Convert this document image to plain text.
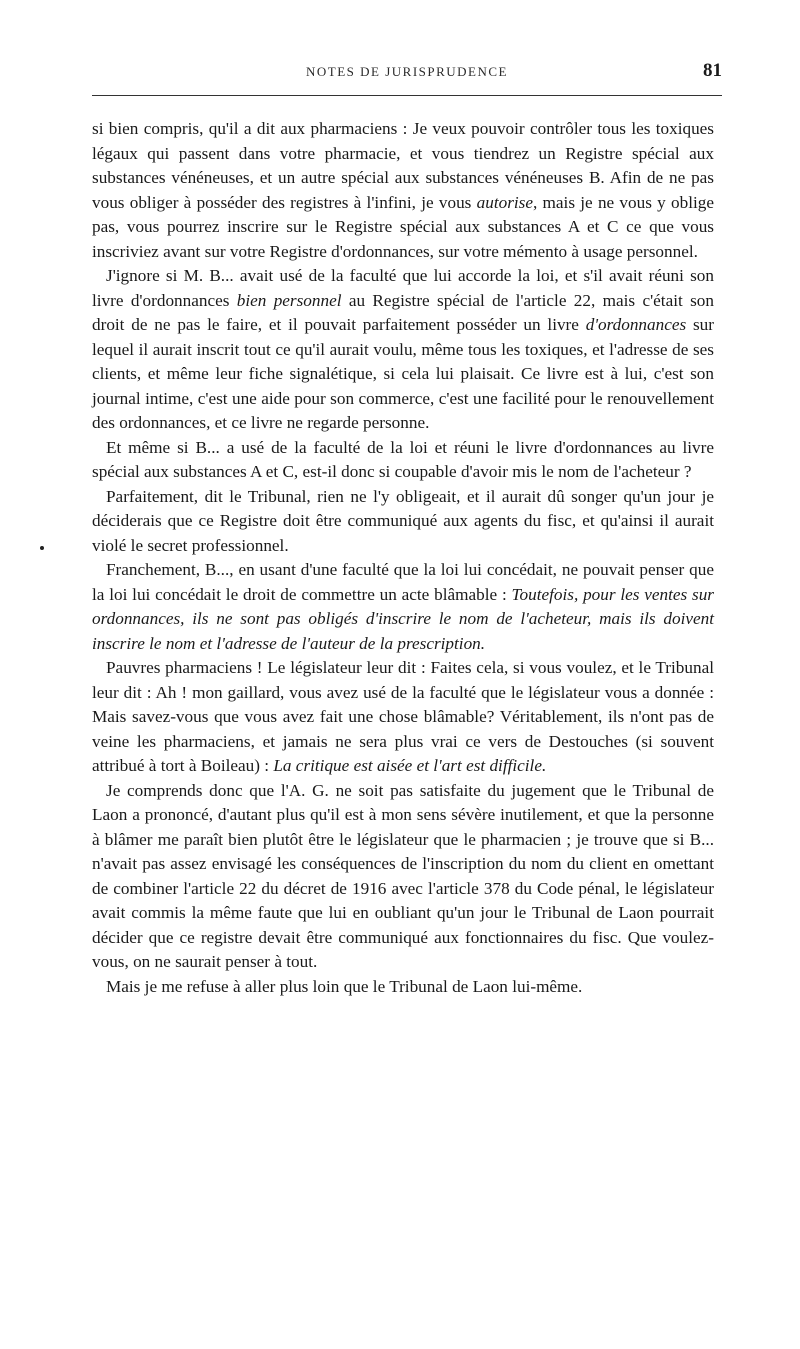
NOTES DE JURISPRUDENCE	81

si bien compris, qu'il a dit aux pharmaciens : Je veux pouvoir contrôler tous les toxiques légaux qui passent dans votre pharmacie, et vous tiendrez un Registre spécial aux substances vénéneuses, et un autre spécial aux substances vénéneuses B. Afin de ne pas vous obliger à posséder des registres à l'infini, je vous autorise, mais je ne vous y oblige pas, vous pourrez inscrire sur le Registre spécial aux substances A et C ce que vous inscriviez avant sur votre Registre d'ordonnances, sur votre mémento à usage personnel.

J'ignore si M. B... avait usé de la faculté que lui accorde la loi, et s'il avait réuni son livre d'ordonnances bien personnel au Registre spécial de l'article 22, mais c'était son droit de ne pas le faire, et il pouvait parfaitement posséder un livre d'ordonnances sur lequel il aurait inscrit tout ce qu'il aurait voulu, même tous les toxiques, et l'adresse de ses clients, et même leur fiche signalétique, si cela lui plaisait. Ce livre est à lui, c'est son journal intime, c'est une aide pour son commerce, c'est une facilité pour le renouvellement des ordonnances, et ce livre ne regarde personne.

Et même si B... a usé de la faculté de la loi et réuni le livre d'ordonnances au livre spécial aux substances A et C, est-il donc si coupable d'avoir mis le nom de l'acheteur ?

Parfaitement, dit le Tribunal, rien ne l'y obligeait, et il aurait dû songer qu'un jour je déciderais que ce Registre doit être communiqué aux agents du fisc, et qu'ainsi il aurait violé le secret professionnel.

Franchement, B..., en usant d'une faculté que la loi lui concédait, ne pouvait penser que la loi lui concédait le droit de commettre un acte blâmable : Toutefois, pour les ventes sur ordonnances, ils ne sont pas obligés d'inscrire le nom de l'acheteur, mais ils doivent inscrire le nom et l'adresse de l'auteur de la prescription.

Pauvres pharmaciens ! Le législateur leur dit : Faites cela, si vous voulez, et le Tribunal leur dit : Ah ! mon gaillard, vous avez usé de la faculté que le législateur vous a donnée : Mais savez-vous que vous avez fait une chose blâmable? Véritablement, ils n'ont pas de veine les pharmaciens, et jamais ne sera plus vrai ce vers de Destouches (si souvent attribué à tort à Boileau) : La critique est aisée et l'art est difficile.

Je comprends donc que l'A. G. ne soit pas satisfaite du jugement que le Tribunal de Laon a prononcé, d'autant plus qu'il est à mon sens sévère inutilement, et que la personne à blâmer me paraît bien plutôt être le législateur que le pharmacien ; je trouve que si B... n'avait pas assez envisagé les conséquences de l'inscription du nom du client en omettant de combiner l'article 22 du décret de 1916 avec l'article 378 du Code pénal, le législateur avait commis la même faute que lui en oubliant qu'un jour le Tribunal de Laon pourrait décider que ce registre devait être communiqué aux fonctionnaires du fisc. Que voulez-vous, on ne saurait penser à tout.

Mais je me refuse à aller plus loin que le Tribunal de Laon lui-même.
